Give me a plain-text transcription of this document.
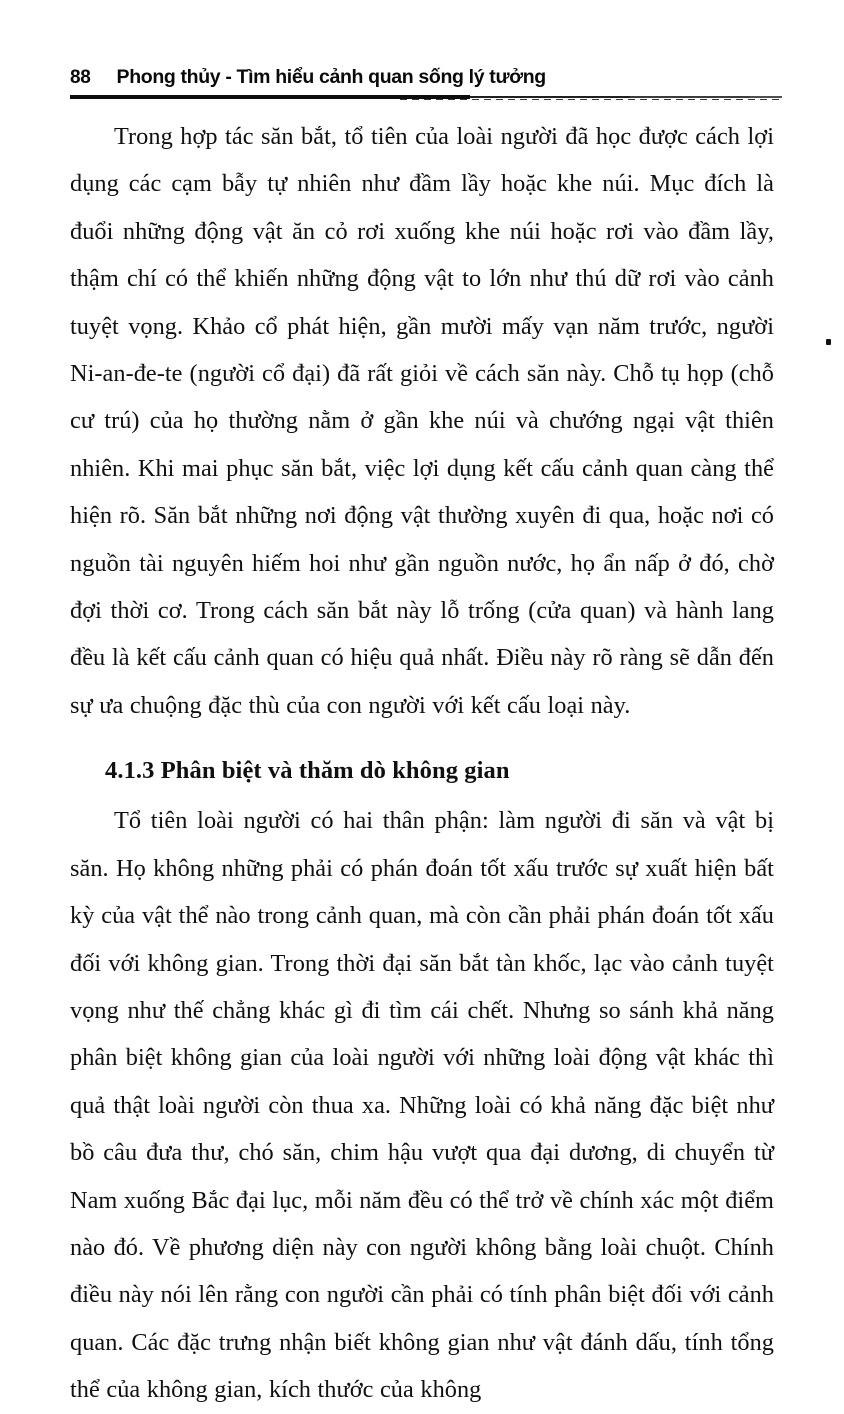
88 Phong thủy - Tìm hiểu cảnh quan sống lý tưởng

Trong hợp tác săn bắt, tổ tiên của loài người đã học được cách lợi dụng các cạm bẫy tự nhiên như đầm lầy hoặc khe núi. Mục đích là đuổi những động vật ăn cỏ rơi xuống khe núi hoặc rơi vào đầm lầy, thậm chí có thể khiến những động vật to lớn như thú dữ rơi vào cảnh tuyệt vọng. Khảo cổ phát hiện, gần mười mấy vạn năm trước, người Ni-an-đe-te (người cổ đại) đã rất giỏi về cách săn này. Chỗ tụ họp (chỗ cư trú) của họ thường nằm ở gần khe núi và chướng ngại vật thiên nhiên. Khi mai phục săn bắt, việc lợi dụng kết cấu cảnh quan càng thể hiện rõ. Săn bắt những nơi động vật thường xuyên đi qua, hoặc nơi có nguồn tài nguyên hiếm hoi như gần nguồn nước, họ ẩn nấp ở đó, chờ đợi thời cơ. Trong cách săn bắt này lỗ trống (cửa quan) và hành lang đều là kết cấu cảnh quan có hiệu quả nhất. Điều này rõ ràng sẽ dẫn đến sự ưa chuộng đặc thù của con người với kết cấu loại này.

4.1.3 Phân biệt và thăm dò không gian

Tổ tiên loài người có hai thân phận: làm người đi săn và vật bị săn. Họ không những phải có phán đoán tốt xấu trước sự xuất hiện bất kỳ của vật thể nào trong cảnh quan, mà còn cần phải phán đoán tốt xấu đối với không gian. Trong thời đại săn bắt tàn khốc, lạc vào cảnh tuyệt vọng như thế chẳng khác gì đi tìm cái chết. Nhưng so sánh khả năng phân biệt không gian của loài người với những loài động vật khác thì quả thật loài người còn thua xa. Những loài có khả năng đặc biệt như bồ câu đưa thư, chó săn, chim hậu vượt qua đại dương, di chuyển từ Nam xuống Bắc đại lục, mỗi năm đều có thể trở về chính xác một điểm nào đó. Về phương diện này con người không bằng loài chuột. Chính điều này nói lên rằng con người cần phải có tính phân biệt đối với cảnh quan. Các đặc trưng nhận biết không gian như vật đánh dấu, tính tổng thể của không gian, kích thước của không
